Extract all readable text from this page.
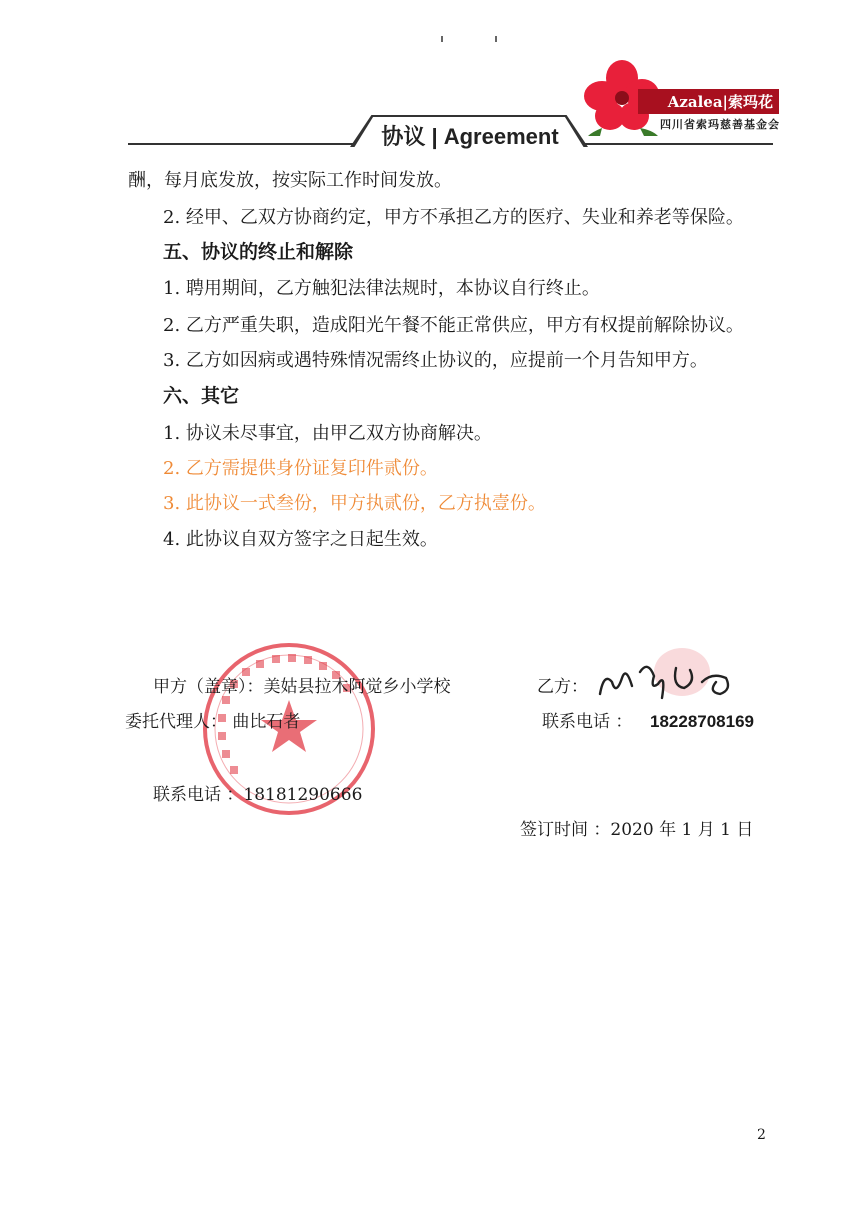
协议 | Agreement
Azalea|索玛花
四川省索玛慈善基金会
酬，每月底发放，按实际工作时间发放。
2. 经甲、乙双方协商约定，甲方不承担乙方的医疗、失业和养老等保险。
五、协议的终止和解除
1. 聘用期间，乙方触犯法律法规时，本协议自行终止。
2. 乙方严重失职，造成阳光午餐不能正常供应，甲方有权提前解除协议。
3. 乙方如因病或遇特殊情况需终止协议的，应提前一个月告知甲方。
六、其它
1. 协议未尽事宜，由甲乙双方协商解决。
2. 乙方需提供身份证复印件贰份。
3. 此协议一式叁份，甲方执贰份，乙方执壹份。
4. 此协议自双方签字之日起生效。
甲方（盖章）：美姑县拉木阿觉乡小学校
委托代理人： 曲比石者
联系电话 ：18181290666
乙方：
联系电话 ： 18228708169
签订时间 ：2020 年 1 月 1 日
2
